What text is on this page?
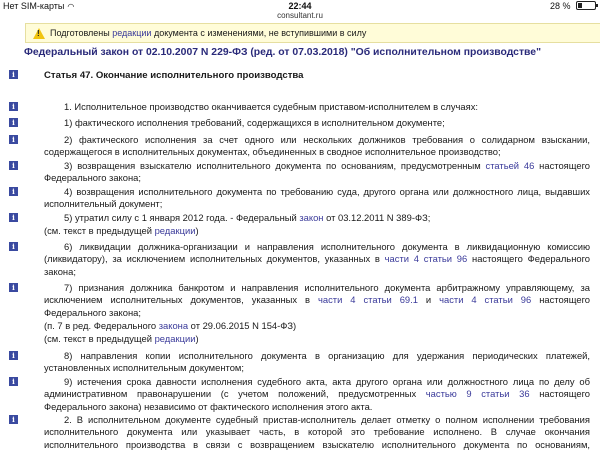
Нет SIM-карты ◠	22:44	28 %
consultant.ru
! Подготовлены редакции документа с изменениями, не вступившими в силу
Федеральный закон от 02.10.2007 N 229-ФЗ (ред. от 07.03.2018) "Об исполнительном производстве"
i
i
i
i
i
i
i
i
i
i
i
i
Статья 47. Окончание исполнительного производства
1. Исполнительное производство оканчивается судебным приставом-исполнителем в случаях:
1) фактического исполнения требований, содержащихся в исполнительном документе;
2) фактического исполнения за счет одного или нескольких должников требования о солидарном взыскании,
содержащегося в исполнительных документах, объединенных в сводное исполнительное производство;
3) возвращения взыскателю исполнительного документа по основаниям, предусмотренным статьей 46 настоящего
Федерального закона;
4) возвращения исполнительного документа по требованию суда, другого органа или должностного лица, выдавших
исполнительный документ;
5) утратил силу с 1 января 2012 года. - Федеральный закон от 03.12.2011 N 389-ФЗ;
(см. текст в предыдущей редакции)
6) ликвидации должника-организации и направления исполнительного документа в ликвидационную комиссию
(ликвидатору), за исключением исполнительных документов, указанных в части 4 статьи 96 настоящего Федерального
закона;
7) признания должника банкротом и направления исполнительного документа арбитражному управляющему, за
исключением исполнительных документов, указанных в части 4 статьи 69.1 и части 4 статьи 96 настоящего
Федерального закона;
(п. 7 в ред. Федерального закона от 29.06.2015 N 154-ФЗ)
(см. текст в предыдущей редакции)
8) направления копии исполнительного документа в организацию для удержания периодических платежей,
установленных исполнительным документом;
9) истечения срока давности исполнения судебного акта, акта другого органа или должностного лица по делу об
административном правонарушении (с учетом положений, предусмотренных частью 9 статьи 36 настоящего
Федерального закона) независимо от фактического исполнения этого акта.
2. В исполнительном документе судебный пристав-исполнитель делает отметку о полном исполнении требования
исполнительного документа или указывает часть, в которой это требование исполнено. В случае окончания
исполнительного производства в связи с возвращением взыскателю исполнительного документа по основаниям,
